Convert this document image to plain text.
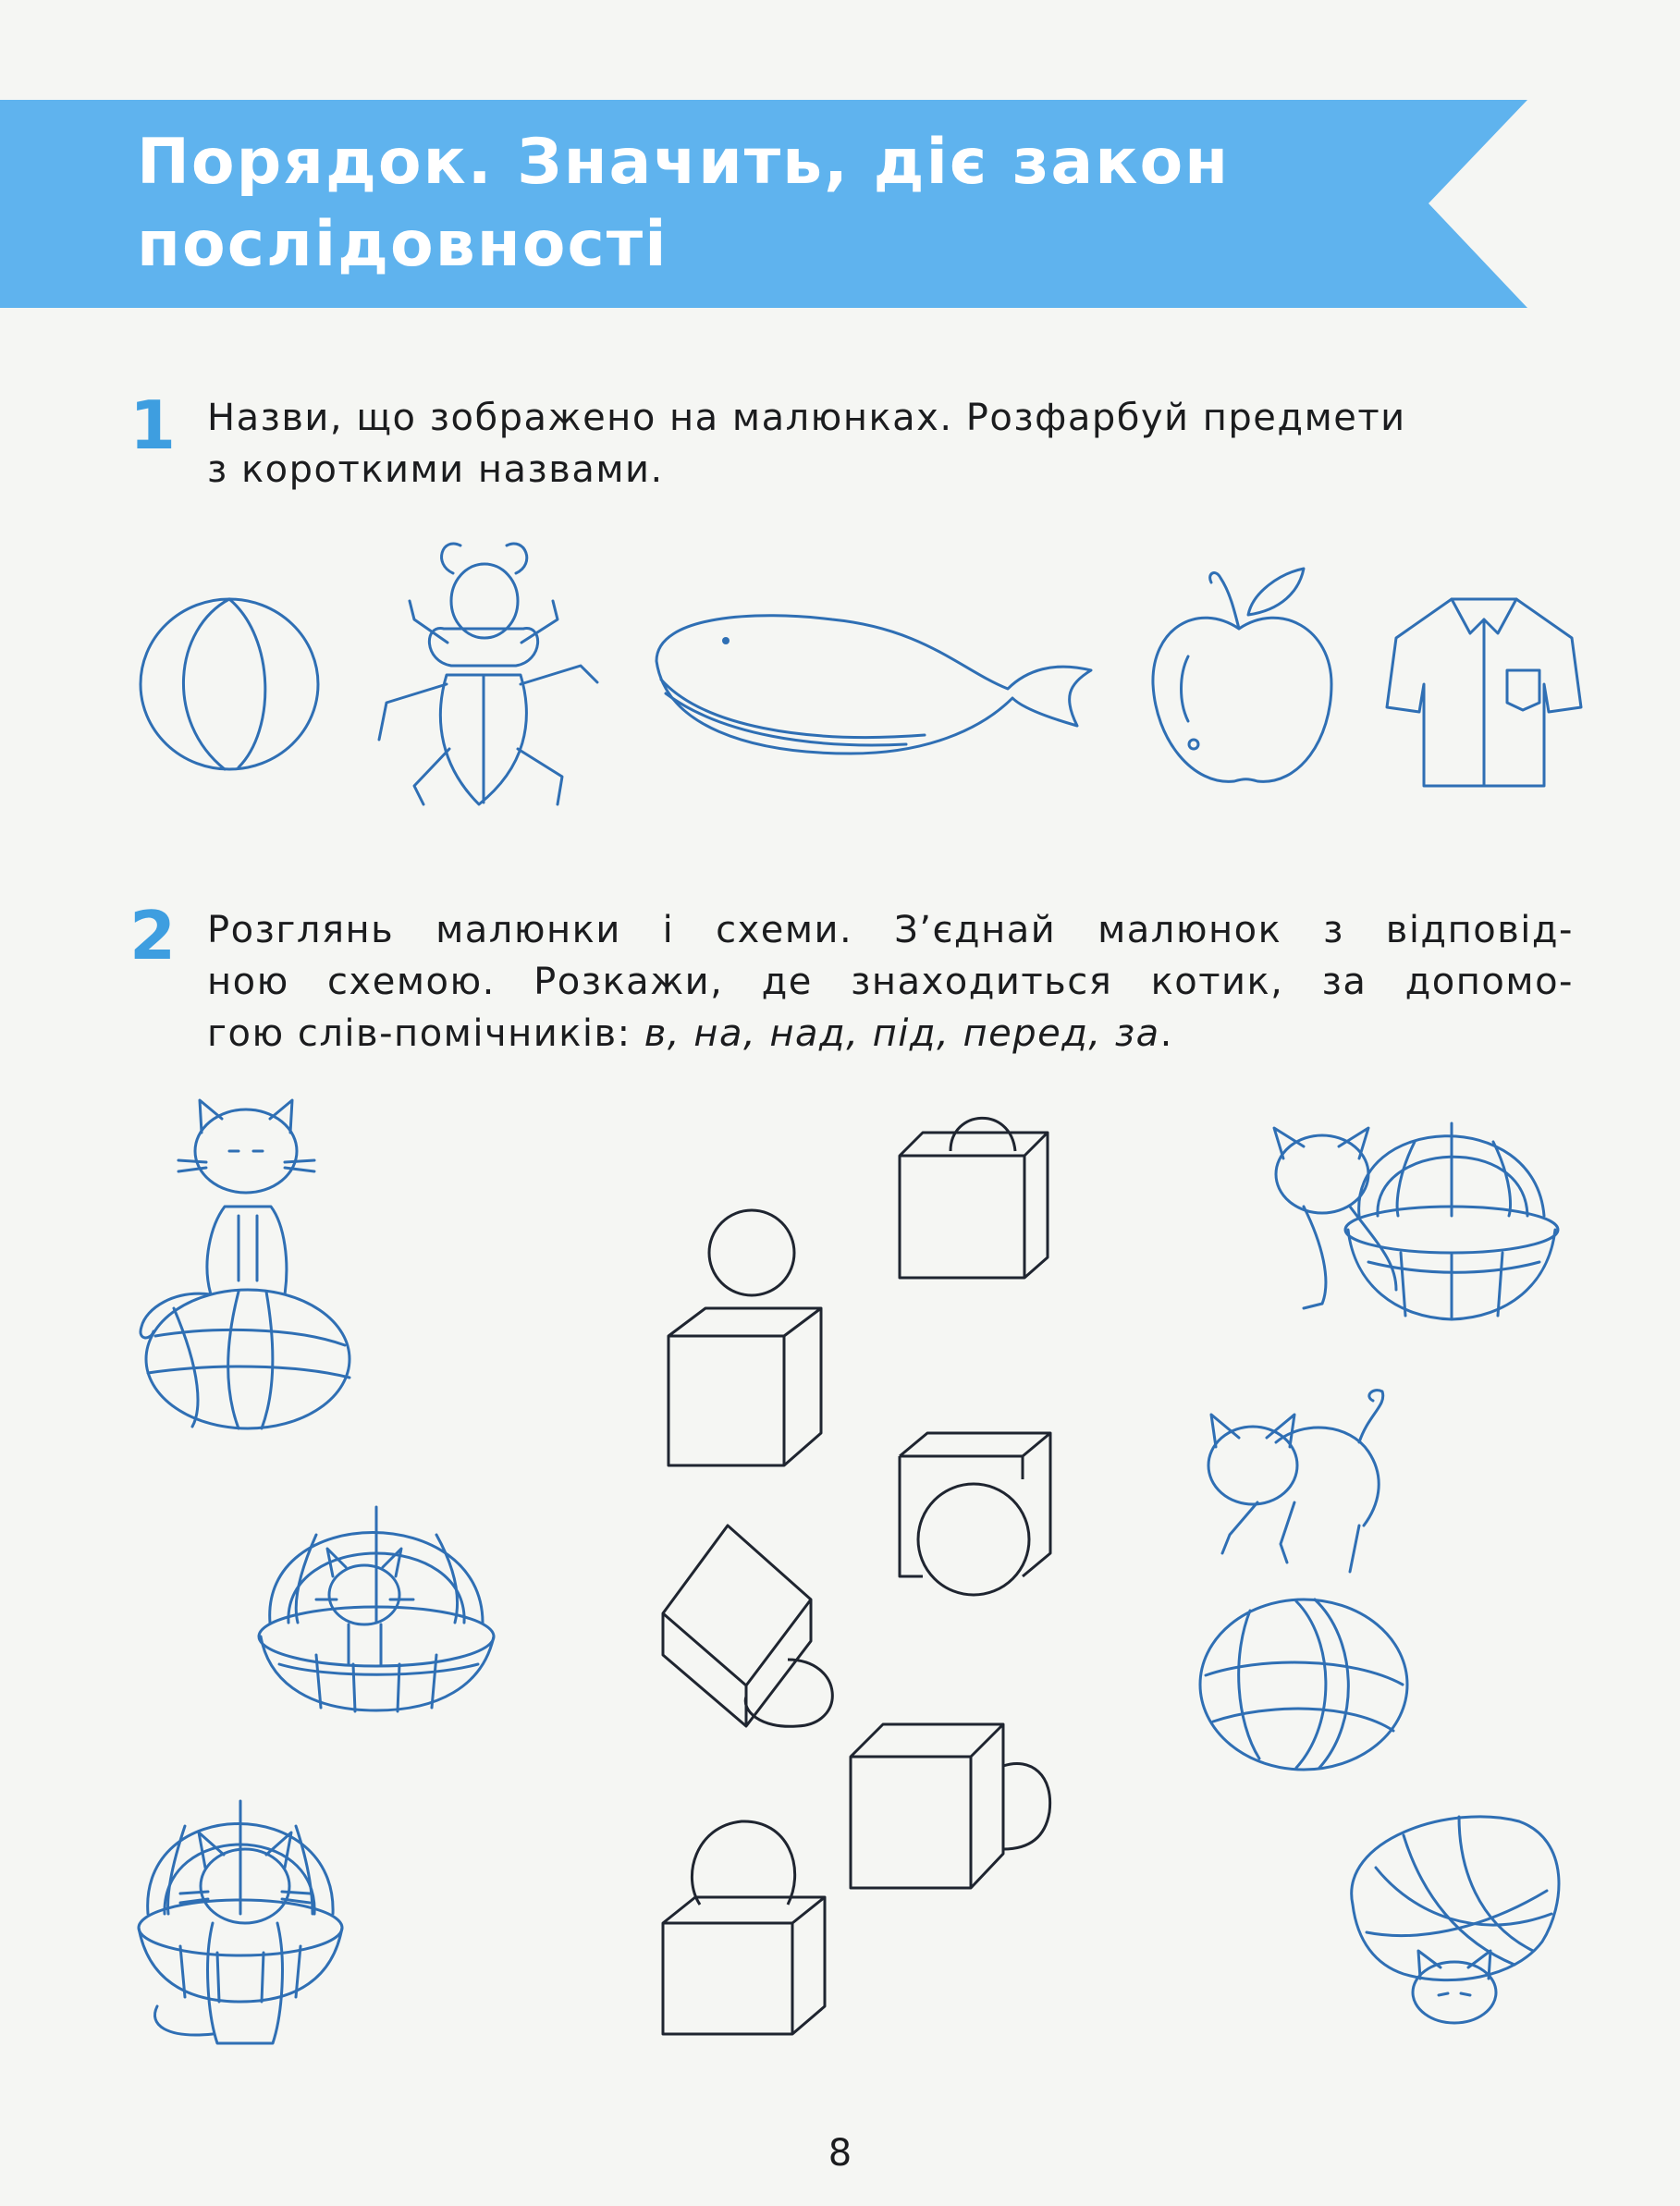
Порядок. Значить, діє закон
послідовності
1 Назви, що зображено на малюнках. Розфарбуй предмети

з короткими назвами.

2 Розглянь малюнки і схеми. З’єднай малюнок з відповід-

ною схемою. Розкажи, де знаходиться котик, за допомо-

гою слів-помічників: в, на, над, під, перед, за.

8
